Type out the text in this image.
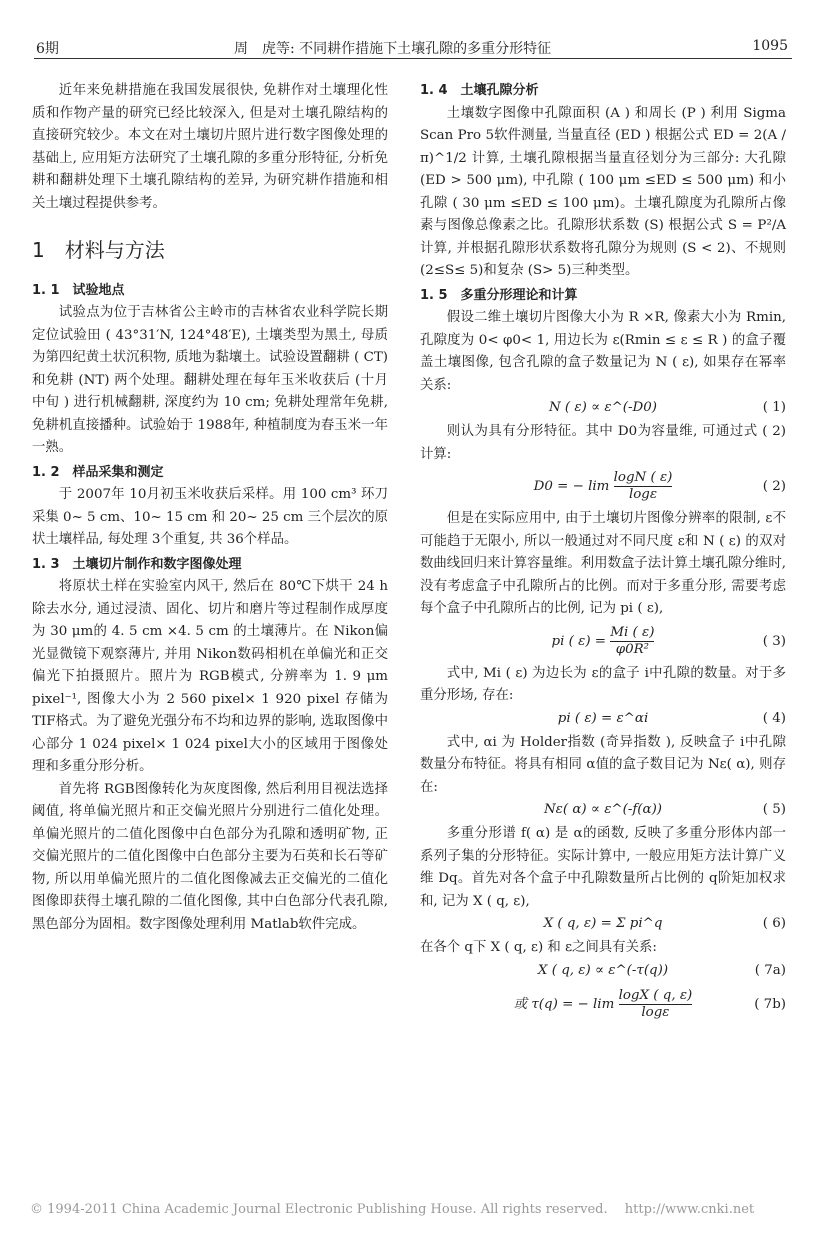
6期	周　虎等: 不同耕作措施下土壤孔隙的多重分形特征	1095

近年来免耕措施在我国发展很快, 免耕作对土壤理化性质和作物产量的研究已经比较深入, 但是对土壤孔隙结构的直接研究较少。本文在对土壤切片照片进行数字图像处理的基础上, 应用矩方法研究了土壤孔隙的多重分形特征, 分析免耕和翻耕处理下土壤孔隙结构的差异, 为研究耕作措施和相关土壤过程提供参考。

1　材料与方法
1. 1　试验地点

试验点为位于吉林省公主岭市的吉林省农业科学院长期定位试验田 ( 43°31′N, 124°48′E), 土壤类型为黑土, 母质为第四纪黄土状沉积物, 质地为黏壤土。试验设置翻耕 ( CT) 和免耕 (NT) 两个处理。翻耕处理在每年玉米收获后 (十月中旬 ) 进行机械翻耕, 深度约为 10 cm; 免耕处理常年免耕, 免耕机直接播种。试验始于 1988年, 种植制度为春玉米一年一熟。

1. 2　样品采集和测定

于 2007年 10月初玉米收获后采样。用 100 cm³ 环刀采集 0~ 5 cm、10~ 15 cm 和 20~ 25 cm 三个层次的原状土壤样品, 每处理 3个重复, 共 36个样品。

1. 3　土壤切片制作和数字图像处理

将原状土样在实验室内风干, 然后在 80℃下烘干 24 h除去水分, 通过浸渍、固化、切片和磨片等过程制作成厚度为 30 μm的 4. 5 cm ×4. 5 cm 的土壤薄片。在 Nikon偏光显微镜下观察薄片, 并用 Nikon数码相机在单偏光和正交偏光下拍摄照片。照片为 RGB模式, 分辨率为 1. 9 μm pixel⁻¹, 图像大小为 2 560 pixel× 1 920 pixel 存储为 TIF格式。为了避免光强分布不均和边界的影响, 选取图像中心部分 1 024 pixel× 1 024 pixel大小的区域用于图像处理和多重分形分析。

首先将 RGB图像转化为灰度图像, 然后利用目视法选择阈值, 将单偏光照片和正交偏光照片分别进行二值化处理。单偏光照片的二值化图像中白色部分为孔隙和透明矿物, 正交偏光照片的二值化图像中白色部分主要为石英和长石等矿物, 所以用单偏光照片的二值化图像减去正交偏光的二值化图像即获得土壤孔隙的二值化图像, 其中白色部分代表孔隙, 黑色部分为固相。数字图像处理利用 Matlab软件完成。

1. 4　土壤孔隙分析

土壤数字图像中孔隙面积 (A ) 和周长 (P ) 利用 Sigma Scan Pro 5软件测量, 当量直径 (ED ) 根据公式 ED = 2(A /π)^1/2 计算, 土壤孔隙根据当量直径划分为三部分: 大孔隙 (ED > 500 μm), 中孔隙 ( 100 μm ≤ED ≤ 500 μm) 和小孔隙 ( 30 μm ≤ED ≤ 100 μm)。土壤孔隙度为孔隙所占像素与图像总像素之比。孔隙形状系数 (S) 根据公式 S = P²/A 计算, 并根据孔隙形状系数将孔隙分为规则 (S < 2)、不规则 (2≤S≤ 5)和复杂 (S> 5)三种类型。

1. 5　多重分形理论和计算

假设二维土壤切片图像大小为 R ×R, 像素大小为 Rmin, 孔隙度为 0< φ0< 1, 用边长为 ε(Rmin ≤ ε ≤ R ) 的盒子覆盖土壤图像, 包含孔隙的盒子数量记为 N ( ε), 如果存在幂率关系:

N ( ε) ∝ ε^(-D0)	( 1)

则认为具有分形特征。其中 D0为容量维, 可通过式 ( 2)计算:

D0 = − $\lim \frac{\log N ( \varepsilon)}{\log\varepsilon}$	( 2)

但是在实际应用中, 由于土壤切片图像分辨率的限制, ε不可能趋于无限小, 所以一般通过对不同尺度 ε和 N ( ε) 的双对数曲线回归来计算容量维。利用数盒子法计算土壤孔隙分维时, 没有考虑盒子中孔隙所占的比例。而对于多重分形, 需要考虑每个盒子中孔隙所占的比例, 记为 pi ( ε),

pi ( $\varepsilon) = \frac{Mi ( \varepsilon)}{\text{φ0R²}}$	( 3)

式中, Mi ( ε) 为边长为 ε的盒子 i中孔隙的数量。对于多重分形场, 存在:

pi ( ε) = ε^αi	( 4)

式中, αi 为 Holder指数 (奇异指数 ), 反映盒子 i中孔隙数量分布特征。将具有相同 α值的盒子数目记为 Nε( α), 则存在:

Nε( α) ∝ ε^(-f(α))	( 5)

多重分形谱 f( α) 是 α的函数, 反映了多重分形体内部一系列子集的分形特征。实际计算中, 一般应用矩方法计算广义维 Dq。首先对各个盒子中孔隙数量所占比例的 q阶矩加权求和, 记为 X ( q, ε),

X ( q, ε) = Σ pi^q	( 6)

在各个 q下 X ( q, ε) 和 ε之间具有关系:

X ( q, ε) ∝ ε^(-τ(q))	( 7a)
或 τ(q) = − $\lim \frac{\log X ( q, \varepsilon)}{\log\varepsilon}$	( 7b)
© 1994-2011 China Academic Journal Electronic Publishing House. All rights reserved.　 http://www.cnki.net
